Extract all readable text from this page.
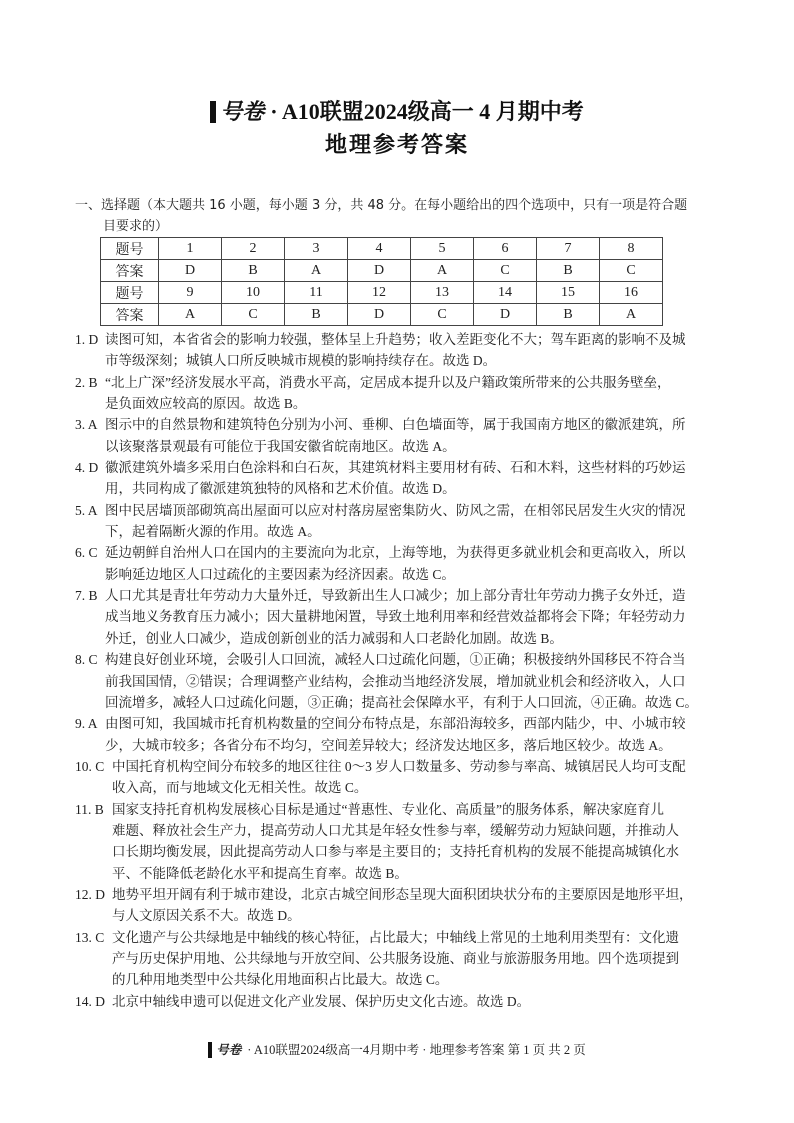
号卷 · A10联盟2024级高一 4 月期中考
地理参考答案
一、选择题（本大题共 16 小题，每小题 3 分，共 48 分。在每小题给出的四个选项中，只有一项是符合题
目要求的）
题号	1	2	3	4	5	6	7	8
答案	D	B	A	D	A	C	B	C
题号	9	10	11	12	13	14	15	16
答案	A	C	B	D	C	D	B	A
1. D 读图可知，本省省会的影响力较强，整体呈上升趋势；收入差距变化不大；驾车距离的影响不及城
市等级深刻；城镇人口所反映城市规模的影响持续存在。故选 D。
2. B “北上广深”经济发展水平高，消费水平高，定居成本提升以及户籍政策所带来的公共服务壁垒，
是负面效应较高的原因。故选 B。
3. A 图示中的自然景物和建筑特色分别为小河、垂柳、白色墙面等，属于我国南方地区的徽派建筑，所
以该聚落景观最有可能位于我国安徽省皖南地区。故选 A。
4. D 徽派建筑外墙多采用白色涂料和白石灰，其建筑材料主要用材有砖、石和木料，这些材料的巧妙运
用，共同构成了徽派建筑独特的风格和艺术价值。故选 D。
5. A 图中民居墙顶部砌筑高出屋面可以应对村落房屋密集防火、防风之需，在相邻民居发生火灾的情况
下，起着隔断火源的作用。故选 A。
6. C 延边朝鲜自治州人口在国内的主要流向为北京，上海等地，为获得更多就业机会和更高收入，所以
影响延边地区人口过疏化的主要因素为经济因素。故选 C。
7. B 人口尤其是青壮年劳动力大量外迁，导致新出生人口减少；加上部分青壮年劳动力携子女外迁，造
成当地义务教育压力减小；因大量耕地闲置，导致土地利用率和经营效益都将会下降；年轻劳动力
外迁，创业人口减少，造成创新创业的活力减弱和人口老龄化加剧。故选 B。
8. C 构建良好创业环境，会吸引人口回流，减轻人口过疏化问题，①正确；积极接纳外国移民不符合当
前我国国情，②错误；合理调整产业结构，会推动当地经济发展，增加就业机会和经济收入，人口
回流增多，减轻人口过疏化问题，③正确；提高社会保障水平，有利于人口回流，④正确。故选 C。
9. A 由图可知，我国城市托育机构数量的空间分布特点是，东部沿海较多，西部内陆少，中、小城市较
少，大城市较多；各省分布不均匀，空间差异较大；经济发达地区多，落后地区较少。故选 A。
10. C 中国托育机构空间分布较多的地区往往 0～3 岁人口数量多、劳动参与率高、城镇居民人均可支配
收入高，而与地域文化无相关性。故选 C。
11. B 国家支持托育机构发展核心目标是通过“普惠性、专业化、高质量”的服务体系，解决家庭育儿
难题、释放社会生产力，提高劳动人口尤其是年轻女性参与率，缓解劳动力短缺问题，并推动人
口长期均衡发展，因此提高劳动人口参与率是主要目的；支持托育机构的发展不能提高城镇化水
平、不能降低老龄化水平和提高生育率。故选 B。
12. D 地势平坦开阔有利于城市建设，北京古城空间形态呈现大面积团块状分布的主要原因是地形平坦，
与人文原因关系不大。故选 D。
13. C 文化遗产与公共绿地是中轴线的核心特征，占比最大；中轴线上常见的土地利用类型有：文化遗
产与历史保护用地、公共绿地与开放空间、公共服务设施、商业与旅游服务用地。四个选项提到
的几种用地类型中公共绿化用地面积占比最大。故选 C。
14. D 北京中轴线申遗可以促进文化产业发展、保护历史文化古迹。故选 D。
号卷 · A10联盟2024级高一4月期中考 · 地理参考答案 第 1 页 共 2 页
